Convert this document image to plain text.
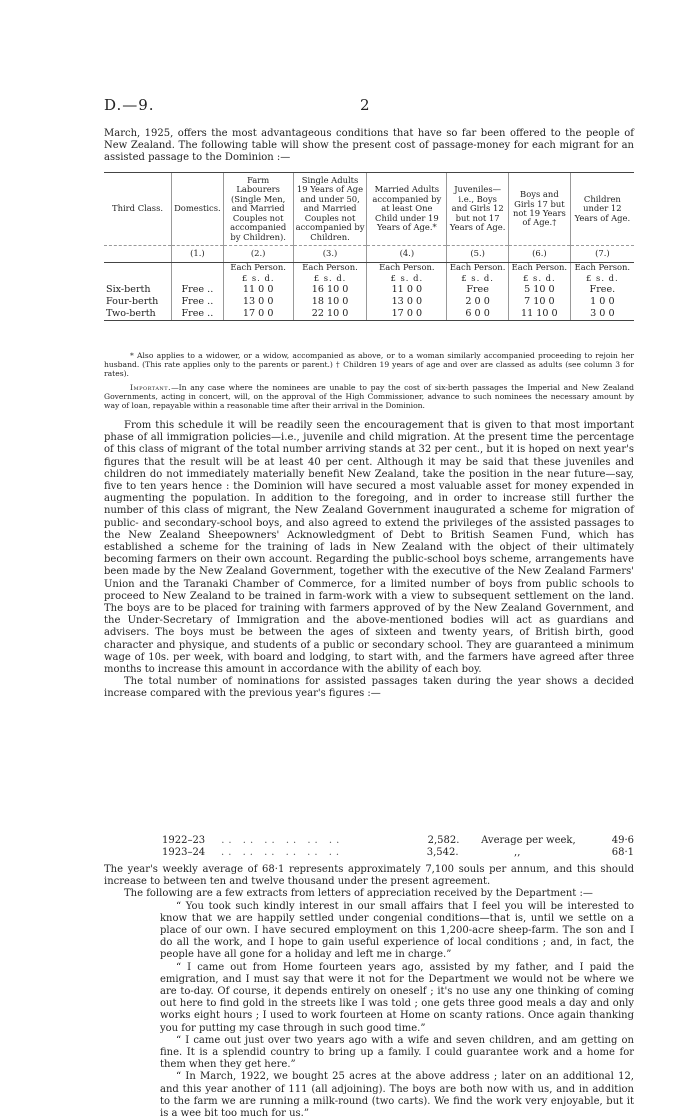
D.—9.	2

March, 1925, offers the most advantageous conditions that have so far been offered to the people of New Zealand. The following table will show the present cost of passage-money for each migrant for an assisted passage to the Dominion :—

Third Class.	Domestics.	Farm Labourers (Single Men, and Married Couples not accompanied by Children).	Single Adults 19 Years of Age and under 50, and Married Couples not accompanied by Children.	Married Adults accompanied by at least One Child under 19 Years of Age.*	Juveniles— i.e., Boys and Girls 12 but not 17 Years of Age.	Boys and Girls 17 but not 19 Years of Age.†	Children under 12 Years of Age.
	(1.)	(2.)	(3.)	(4.)	(5.)	(6.)	(7.)
		Each Person.	Each Person.	Each Person.	Each Person.	Each Person.	Each Person.
		£ s. d.	£ s. d.	£ s. d.	£ s. d.	£ s. d.	£ s. d.
Six-berth	Free ..	11 0 0	16 10 0	11 0 0	Free	5 10 0	Free.
Four-berth	Free ..	13 0 0	18 10 0	13 0 0	2 0 0	7 10 0	1 0 0
Two-berth	Free ..	17 0 0	22 10 0	17 0 0	6 0 0	11 10 0	3 0 0

* Also applies to a widower, or a widow, accompanied as above, or to a woman similarly accompanied proceeding to rejoin her husband. (This rate applies only to the parents or parent.) † Children 19 years of age and over are classed as adults (see column 3 for rates).

Important.—In any case where the nominees are unable to pay the cost of six-berth passages the Imperial and New Zealand Governments, acting in concert, will, on the approval of the High Commissioner, advance to such nominees the necessary amount by way of loan, repayable within a reasonable time after their arrival in the Dominion.

From this schedule it will be readily seen the encouragement that is given to that most important phase of all immigration policies—i.e., juvenile and child migration. At the present time the percentage of this class of migrant of the total number arriving stands at 32 per cent., but it is hoped on next year's figures that the result will be at least 40 per cent. Although it may be said that these juveniles and children do not immediately materially benefit New Zealand, take the position in the near future—say, five to ten years hence : the Dominion will have secured a most valuable asset for money expended in augmenting the population. In addition to the foregoing, and in order to increase still further the number of this class of migrant, the New Zealand Government inaugurated a scheme for migration of public- and secondary-school boys, and also agreed to extend the privileges of the assisted passages to the New Zealand Sheepowners' Acknowledgment of Debt to British Seamen Fund, which has established a scheme for the training of lads in New Zealand with the object of their ultimately becoming farmers on their own account. Regarding the public-school boys scheme, arrangements have been made by the New Zealand Government, together with the executive of the New Zealand Farmers' Union and the Taranaki Chamber of Commerce, for a limited number of boys from public schools to proceed to New Zealand to be trained in farm-work with a view to subsequent settlement on the land. The boys are to be placed for training with farmers approved of by the New Zealand Government, and the Under-Secretary of Immigration and the above-mentioned bodies will act as guardians and advisers. The boys must be between the ages of sixteen and twenty years, of British birth, good character and physique, and students of a public or secondary school. They are guaranteed a minimum wage of 10s. per week, with board and lodging, to start with, and the farmers have agreed after three months to increase this amount in accordance with the ability of each boy.

The total number of nominations for assisted passages taken during the year shows a decided increase compared with the previous year's figures :—

1922–23	.. .. .. .. .. ..	2,582.	Average per week,	49·6
1923–24	.. .. .. .. .. ..	3,542.	,,	68·1

The year's weekly average of 68·1 represents approximately 7,100 souls per annum, and this should increase to between ten and twelve thousand under the present agreement.

The following are a few extracts from letters of appreciation received by the Department :—

“ You took such kindly interest in our small affairs that I feel you will be interested to know that we are happily settled under congenial conditions—that is, until we settle on a place of our own. I have secured employment on this 1,200-acre sheep-farm. The son and I do all the work, and I hope to gain useful experience of local conditions ; and, in fact, the people have all gone for a holiday and left me in charge.”

“ I came out from Home fourteen years ago, assisted by my father, and I paid the emigration, and I must say that were it not for the Department we would not be where we are to-day. Of course, it depends entirely on oneself ; it's no use any one thinking of coming out here to find gold in the streets like I was told ; one gets three good meals a day and only works eight hours ; I used to work fourteen at Home on scanty rations. Once again thanking you for putting my case through in such good time.”

“ I came out just over two years ago with a wife and seven children, and am getting on fine. It is a splendid country to bring up a family. I could guarantee work and a home for them when they get here.”

“ In March, 1922, we bought 25 acres at the above address ; later on an additional 12, and this year another of 111 (all adjoining). The boys are both now with us, and in addition to the farm we are running a milk-round (two carts). We find the work very enjoyable, but it is a wee bit too much for us.”
